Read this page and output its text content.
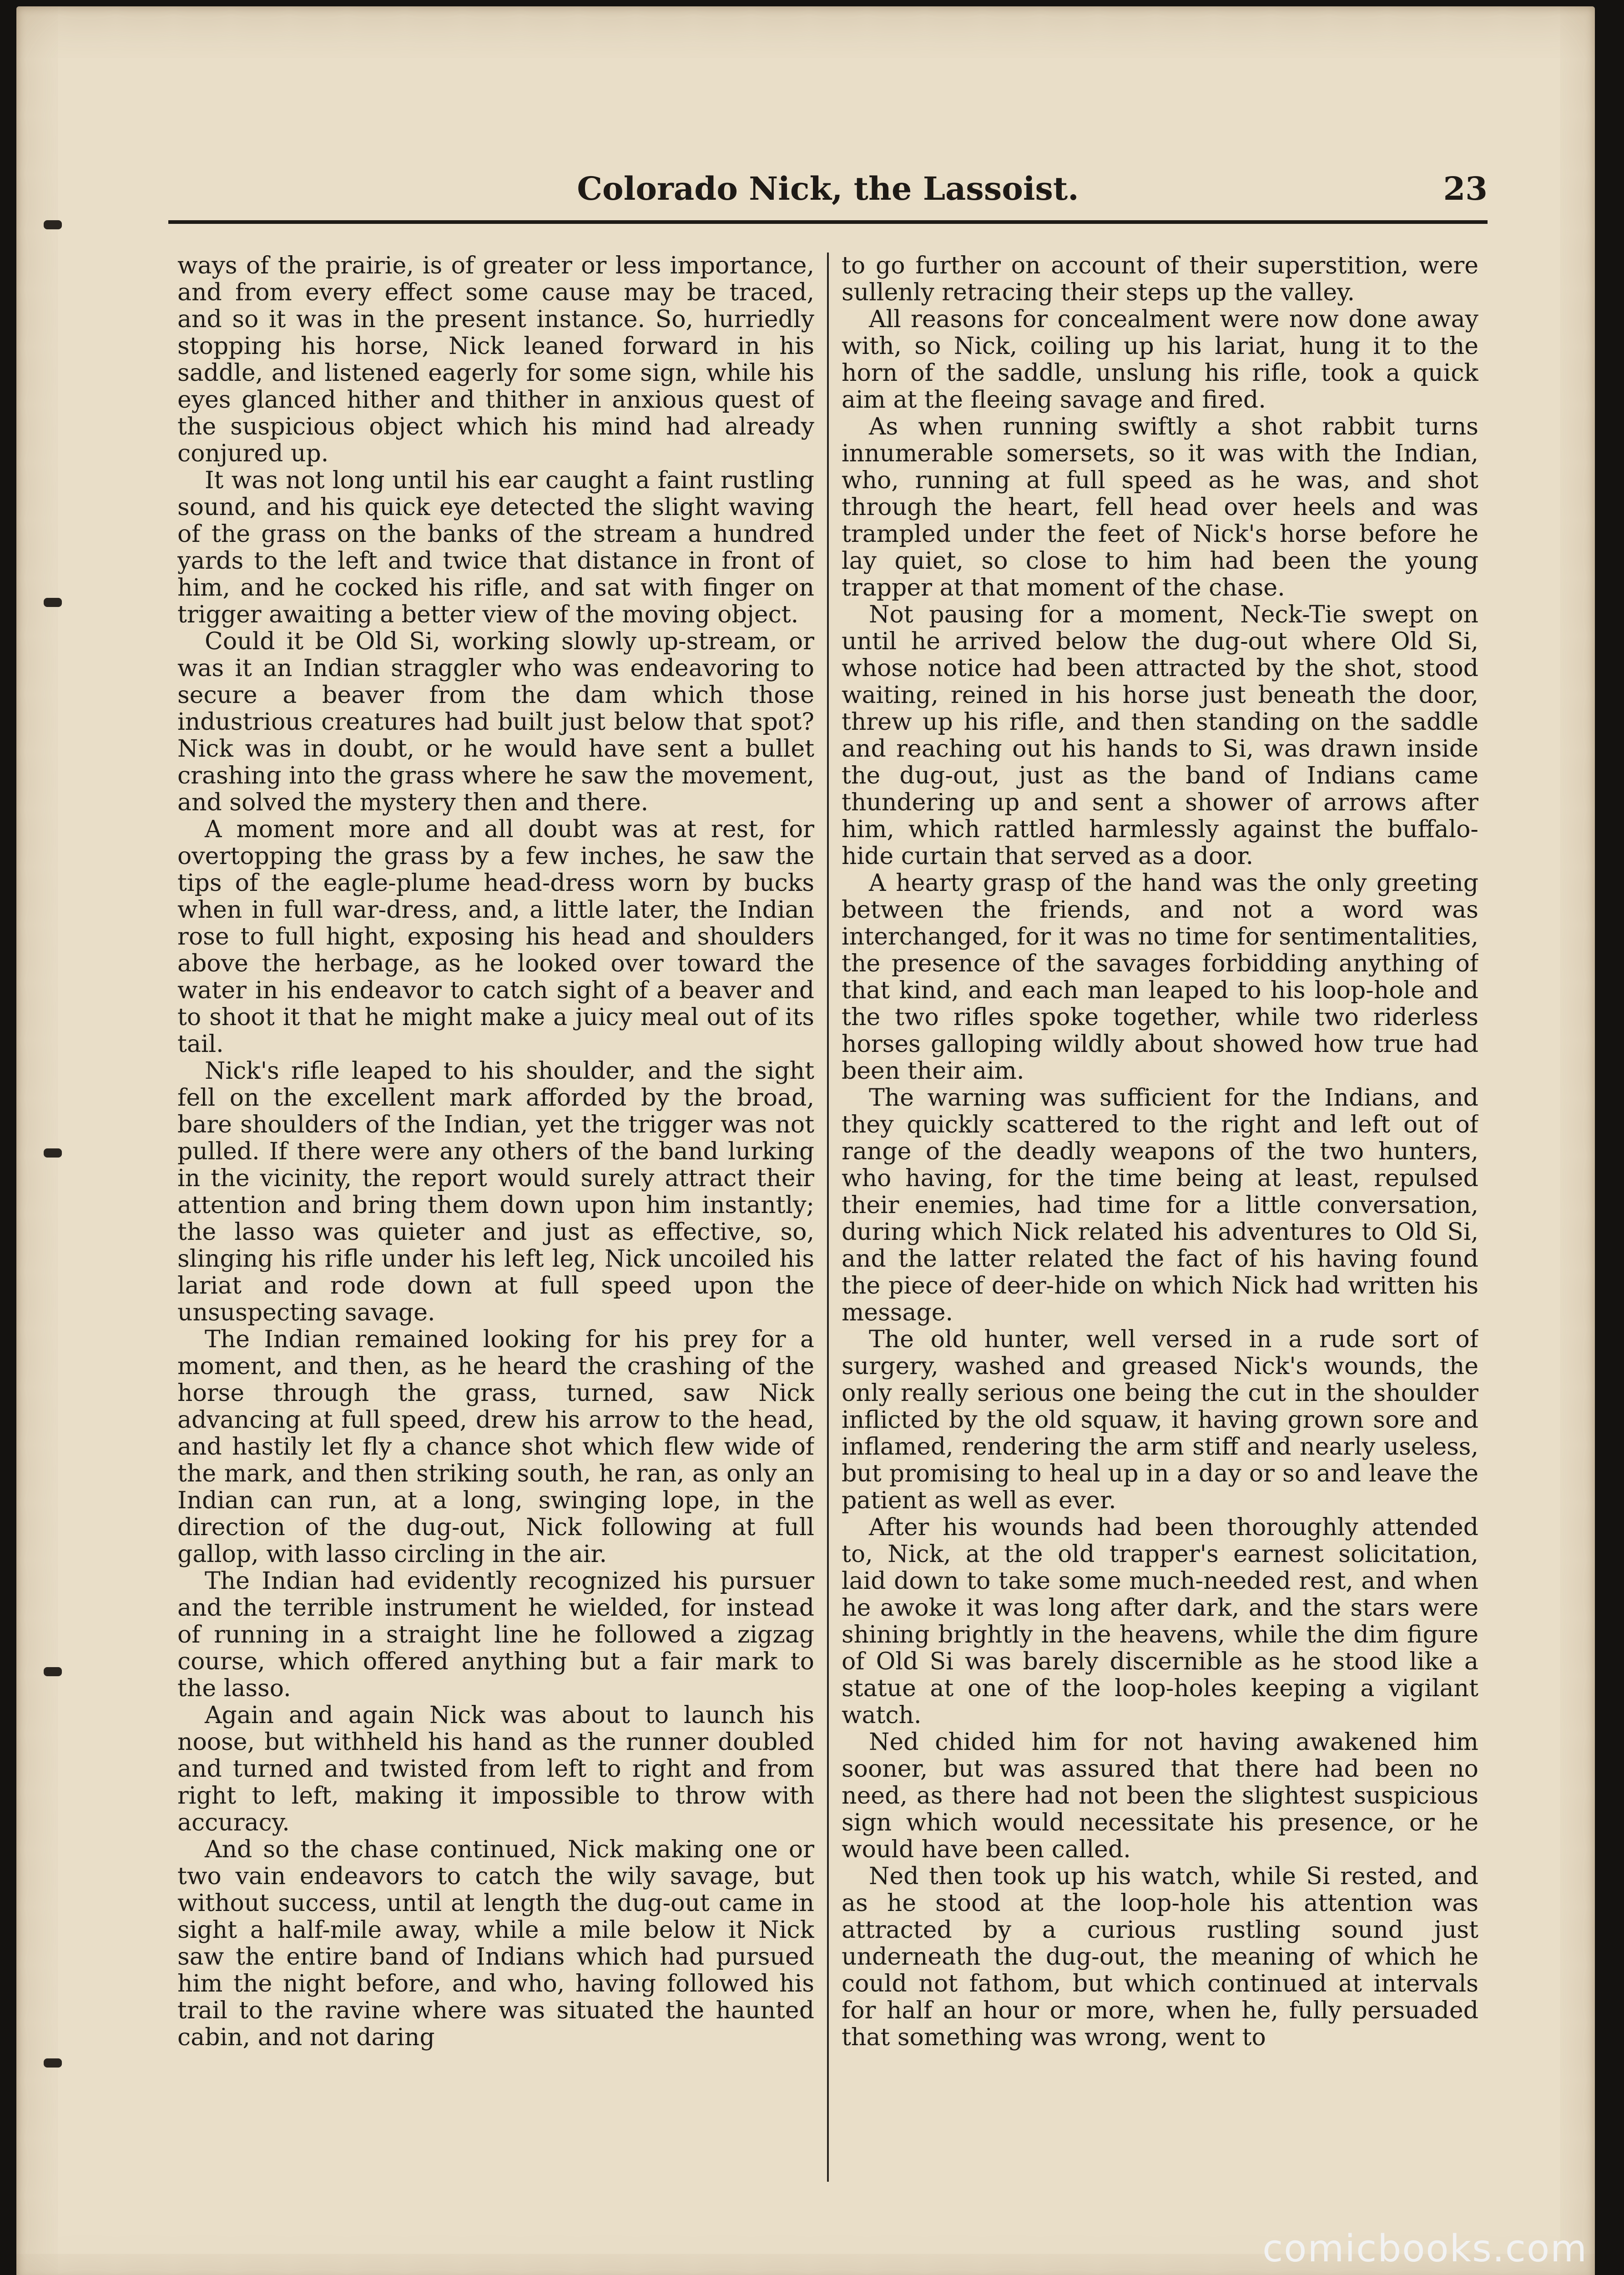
Colorado Nick, the Lassoist.	23

ways of the prairie, is of greater or less importance, and from every effect some cause may be traced, and so it was in the present instance. So, hurriedly stopping his horse, Nick leaned forward in his saddle, and listened eagerly for some sign, while his eyes glanced hither and thither in anxious quest of the suspicious object which his mind had already conjured up.

It was not long until his ear caught a faint rustling sound, and his quick eye detected the slight waving of the grass on the banks of the stream a hundred yards to the left and twice that distance in front of him, and he cocked his rifle, and sat with finger on trigger awaiting a better view of the moving object.

Could it be Old Si, working slowly up-stream, or was it an Indian straggler who was endeavoring to secure a beaver from the dam which those industrious creatures had built just below that spot? Nick was in doubt, or he would have sent a bullet crashing into the grass where he saw the movement, and solved the mystery then and there.

A moment more and all doubt was at rest, for overtopping the grass by a few inches, he saw the tips of the eagle-plume head-dress worn by bucks when in full war-dress, and, a little later, the Indian rose to full hight, exposing his head and shoulders above the herbage, as he looked over toward the water in his endeavor to catch sight of a beaver and to shoot it that he might make a juicy meal out of its tail.

Nick's rifle leaped to his shoulder, and the sight fell on the excellent mark afforded by the broad, bare shoulders of the Indian, yet the trigger was not pulled. If there were any others of the band lurking in the vicinity, the report would surely attract their attention and bring them down upon him instantly; the lasso was quieter and just as effective, so, slinging his rifle under his left leg, Nick uncoiled his lariat and rode down at full speed upon the unsuspecting savage.

The Indian remained looking for his prey for a moment, and then, as he heard the crashing of the horse through the grass, turned, saw Nick advancing at full speed, drew his arrow to the head, and hastily let fly a chance shot which flew wide of the mark, and then striking south, he ran, as only an Indian can run, at a long, swinging lope, in the direction of the dug-out, Nick following at full gallop, with lasso circling in the air.

The Indian had evidently recognized his pursuer and the terrible instrument he wielded, for instead of running in a straight line he followed a zigzag course, which offered anything but a fair mark to the lasso.

Again and again Nick was about to launch his noose, but withheld his hand as the runner doubled and turned and twisted from left to right and from right to left, making it impossible to throw with accuracy.

And so the chase continued, Nick making one or two vain endeavors to catch the wily savage, but without success, until at length the dug-out came in sight a half-mile away, while a mile below it Nick saw the entire band of Indians which had pursued him the night before, and who, having followed his trail to the ravine where was situated the haunted cabin, and not daring

to go further on account of their superstition, were sullenly retracing their steps up the valley.

All reasons for concealment were now done away with, so Nick, coiling up his lariat, hung it to the horn of the saddle, unslung his rifle, took a quick aim at the fleeing savage and fired.

As when running swiftly a shot rabbit turns innumerable somersets, so it was with the Indian, who, running at full speed as he was, and shot through the heart, fell head over heels and was trampled under the feet of Nick's horse before he lay quiet, so close to him had been the young trapper at that moment of the chase.

Not pausing for a moment, Neck-Tie swept on until he arrived below the dug-out where Old Si, whose notice had been attracted by the shot, stood waiting, reined in his horse just beneath the door, threw up his rifle, and then standing on the saddle and reaching out his hands to Si, was drawn inside the dug-out, just as the band of Indians came thundering up and sent a shower of arrows after him, which rattled harmlessly against the buffalo-hide curtain that served as a door.

A hearty grasp of the hand was the only greeting between the friends, and not a word was interchanged, for it was no time for sentimentalities, the presence of the savages forbidding anything of that kind, and each man leaped to his loop-hole and the two rifles spoke together, while two riderless horses galloping wildly about showed how true had been their aim.

The warning was sufficient for the Indians, and they quickly scattered to the right and left out of range of the deadly weapons of the two hunters, who having, for the time being at least, repulsed their enemies, had time for a little conversation, during which Nick related his adventures to Old Si, and the latter related the fact of his having found the piece of deer-hide on which Nick had written his message.

The old hunter, well versed in a rude sort of surgery, washed and greased Nick's wounds, the only really serious one being the cut in the shoulder inflicted by the old squaw, it having grown sore and inflamed, rendering the arm stiff and nearly useless, but promising to heal up in a day or so and leave the patient as well as ever.

After his wounds had been thoroughly attended to, Nick, at the old trapper's earnest solicitation, laid down to take some much-needed rest, and when he awoke it was long after dark, and the stars were shining brightly in the heavens, while the dim figure of Old Si was barely discernible as he stood like a statue at one of the loop-holes keeping a vigilant watch.

Ned chided him for not having awakened him sooner, but was assured that there had been no need, as there had not been the slightest suspicious sign which would necessitate his presence, or he would have been called.

Ned then took up his watch, while Si rested, and as he stood at the loop-hole his attention was attracted by a curious rustling sound just underneath the dug-out, the meaning of which he could not fathom, but which continued at intervals for half an hour or more, when he, fully persuaded that something was wrong, went to

comicbooks.com
